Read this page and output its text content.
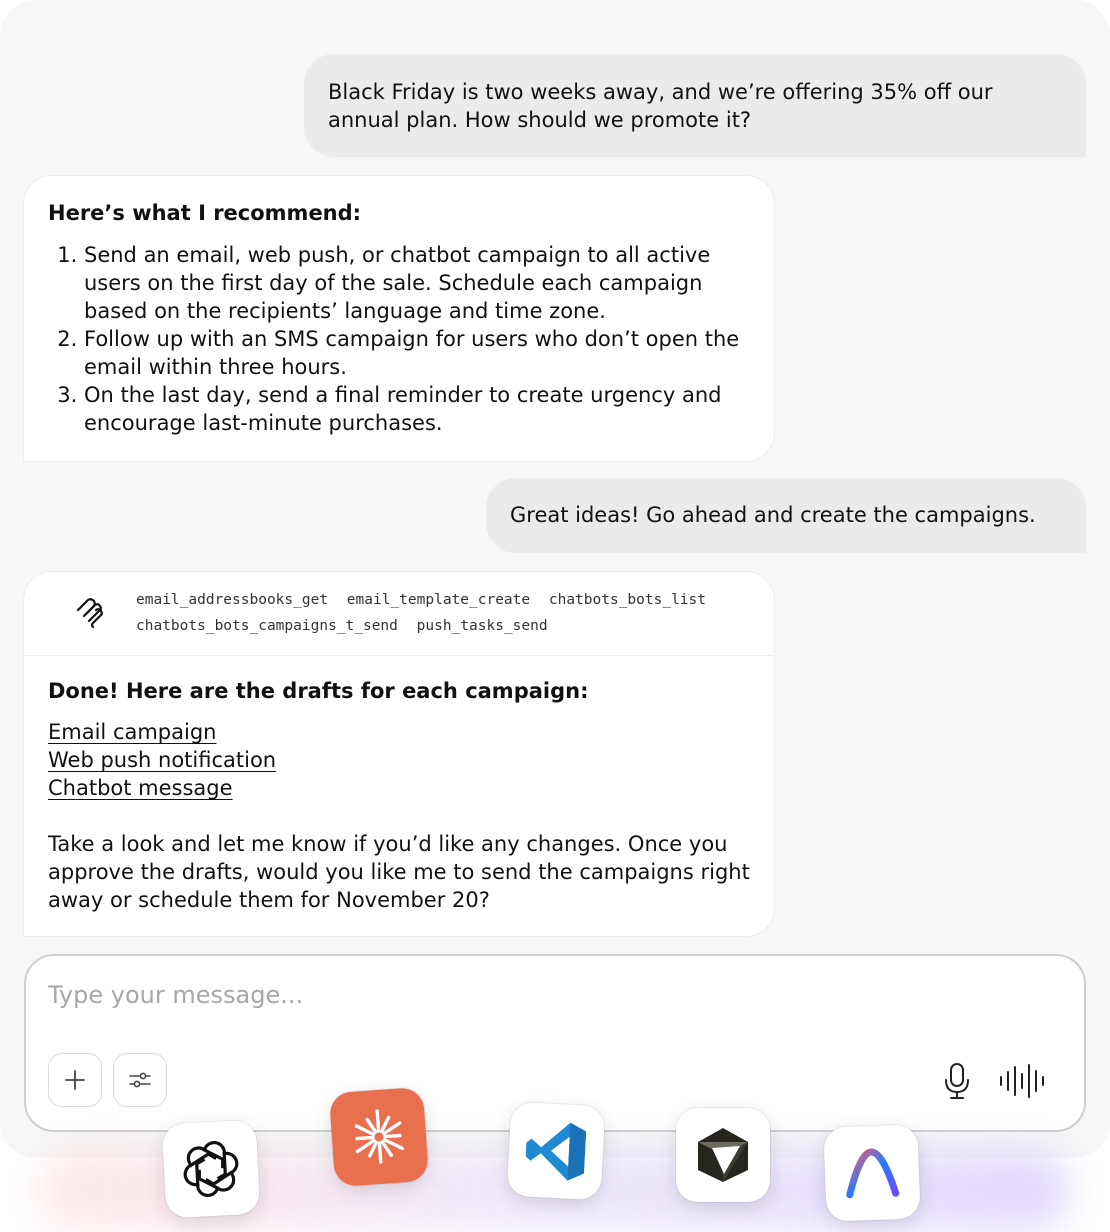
Black Friday is two weeks away, and we’re offering 35% off our annual plan. How should we promote it?
Here’s what I recommend:
1. Send an email, web push, or chatbot campaign to all active users on the first day of the sale. Schedule each campaign based on the recipients’ language and time zone.
2. Follow up with an SMS campaign for users who don’t open the email within three hours.
3. On the last day, send a final reminder to create urgency and encourage last-minute purchases.
Great ideas! Go ahead and create the campaigns.
email_addressbooks_get email_template_create chatbots_bots_list
chatbots_bots_campaigns_t_send push_tasks_send
Done! Here are the drafts for each campaign:
Email campaign
Web push notification
Chatbot message

Take a look and let me know if you’d like any changes. Once you approve the drafts, would you like me to send the campaigns right away or schedule them for November 20?

Type your message...
